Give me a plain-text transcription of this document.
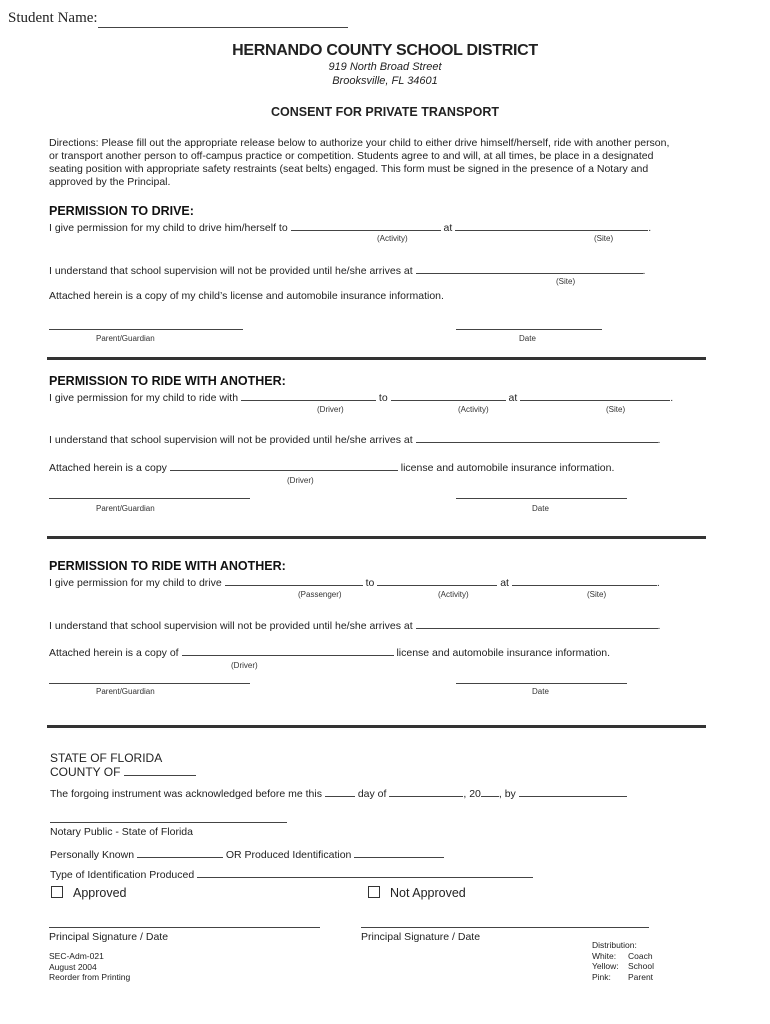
Student Name:
HERNANDO COUNTY SCHOOL DISTRICT
919 North Broad Street
Brooksville, FL 34601
CONSENT FOR PRIVATE TRANSPORT
Directions: Please fill out the appropriate release below to authorize your child to either drive himself/herself, ride with another person,
or transport another person to off-campus practice or competition. Students agree to and will, at all times, be place in a designated
seating position with appropriate safety restraints (seat belts) engaged. This form must be signed in the presence of a Notary and
approved by the Principal.
PERMISSION TO DRIVE:
I give permission for my child to drive him/herself to	at	.
(Activity)	(Site)
I understand that school supervision will not be provided until he/she arrives at	.
(Site)
Attached herein is a copy of my child’s license and automobile insurance information.
Parent/Guardian	Date
PERMISSION TO RIDE WITH ANOTHER:
I give permission for my child to ride with	to	at	.
(Driver)	(Activity)	(Site)
I understand that school supervision will not be provided until he/she arrives at	.
Attached herein is a copy	license and automobile insurance information.
(Driver)
Parent/Guardian	Date
PERMISSION TO RIDE WITH ANOTHER:
I give permission for my child to drive	to	at	.
(Passenger)	(Activity)	(Site)
I understand that school supervision will not be provided until he/she arrives at	.
Attached herein is a copy of	license and automobile insurance information.
(Driver)
Parent/Guardian	Date
STATE OF FLORIDA
COUNTY OF
The forgoing instrument was acknowledged before me this	day of	, 20 , by
Notary Public - State of Florida
Personally Known	OR Produced Identification
Type of Identification Produced
Approved	Not Approved
Principal Signature / Date	Principal Signature / Date
SEC-Adm-021
August 2004
Reorder from Printing
Distribution:
White: Coach
Yellow: School
Pink: Parent
